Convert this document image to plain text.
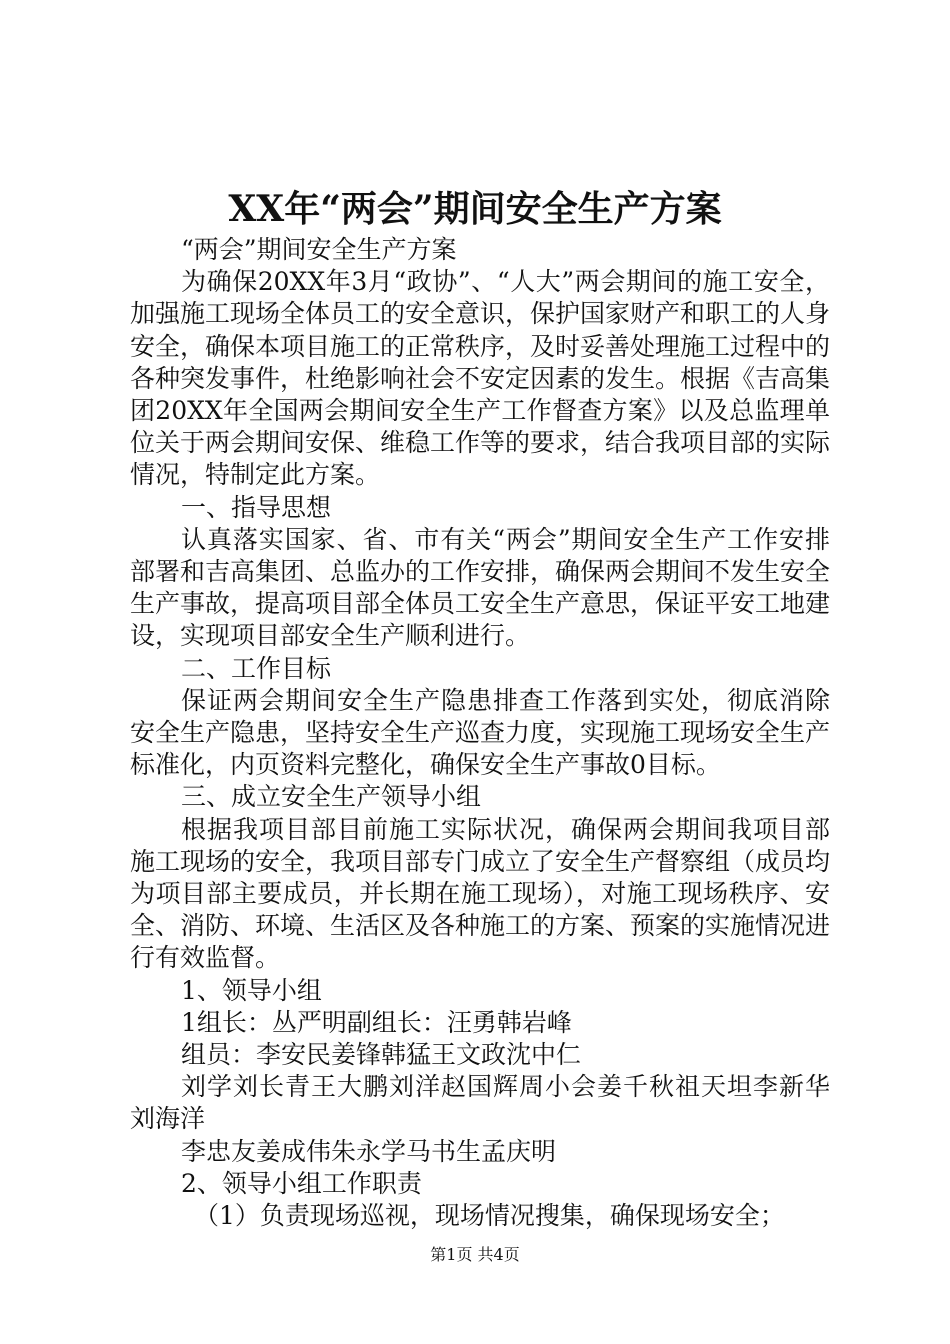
XX年“两会”期间安全生产方案

“两会”期间安全生产方案

为确保20XX年3月“政协”、“人大”两会期间的施工安全，加强施工现场全体员工的安全意识，保护国家财产和职工的人身安全，确保本项目施工的正常秩序，及时妥善处理施工过程中的各种突发事件，杜绝影响社会不安定因素的发生。根据《吉高集团20XX年全国两会期间安全生产工作督查方案》以及总监理单位关于两会期间安保、维稳工作等的要求，结合我项目部的实际情况，特制定此方案。

一、指导思想

认真落实国家、省、市有关“两会”期间安全生产工作安排部署和吉高集团、总监办的工作安排，确保两会期间不发生安全生产事故，提高项目部全体员工安全生产意思，保证平安工地建设，实现项目部安全生产顺利进行。

二、工作目标

保证两会期间安全生产隐患排查工作落到实处，彻底消除安全生产隐患，坚持安全生产巡查力度，实现施工现场安全生产标准化，内页资料完整化，确保安全生产事故0目标。

三、成立安全生产领导小组

根据我项目部目前施工实际状况，确保两会期间我项目部施工现场的安全，我项目部专门成立了安全生产督察组（成员均为项目部主要成员，并长期在施工现场），对施工现场秩序、安全、消防、环境、生活区及各种施工的方案、预案的实施情况进行有效监督。

1、领导小组

1组长：丛严明副组长：汪勇韩岩峰

组员：李安民姜锋韩猛王文政沈中仁

刘学刘长青王大鹏刘洋赵国辉周小会姜千秋祖天坦李新华刘海洋

李忠友姜成伟朱永学马书生孟庆明

2、领导小组工作职责

（1）负责现场巡视，现场情况搜集，确保现场安全；

第1页 共4页
